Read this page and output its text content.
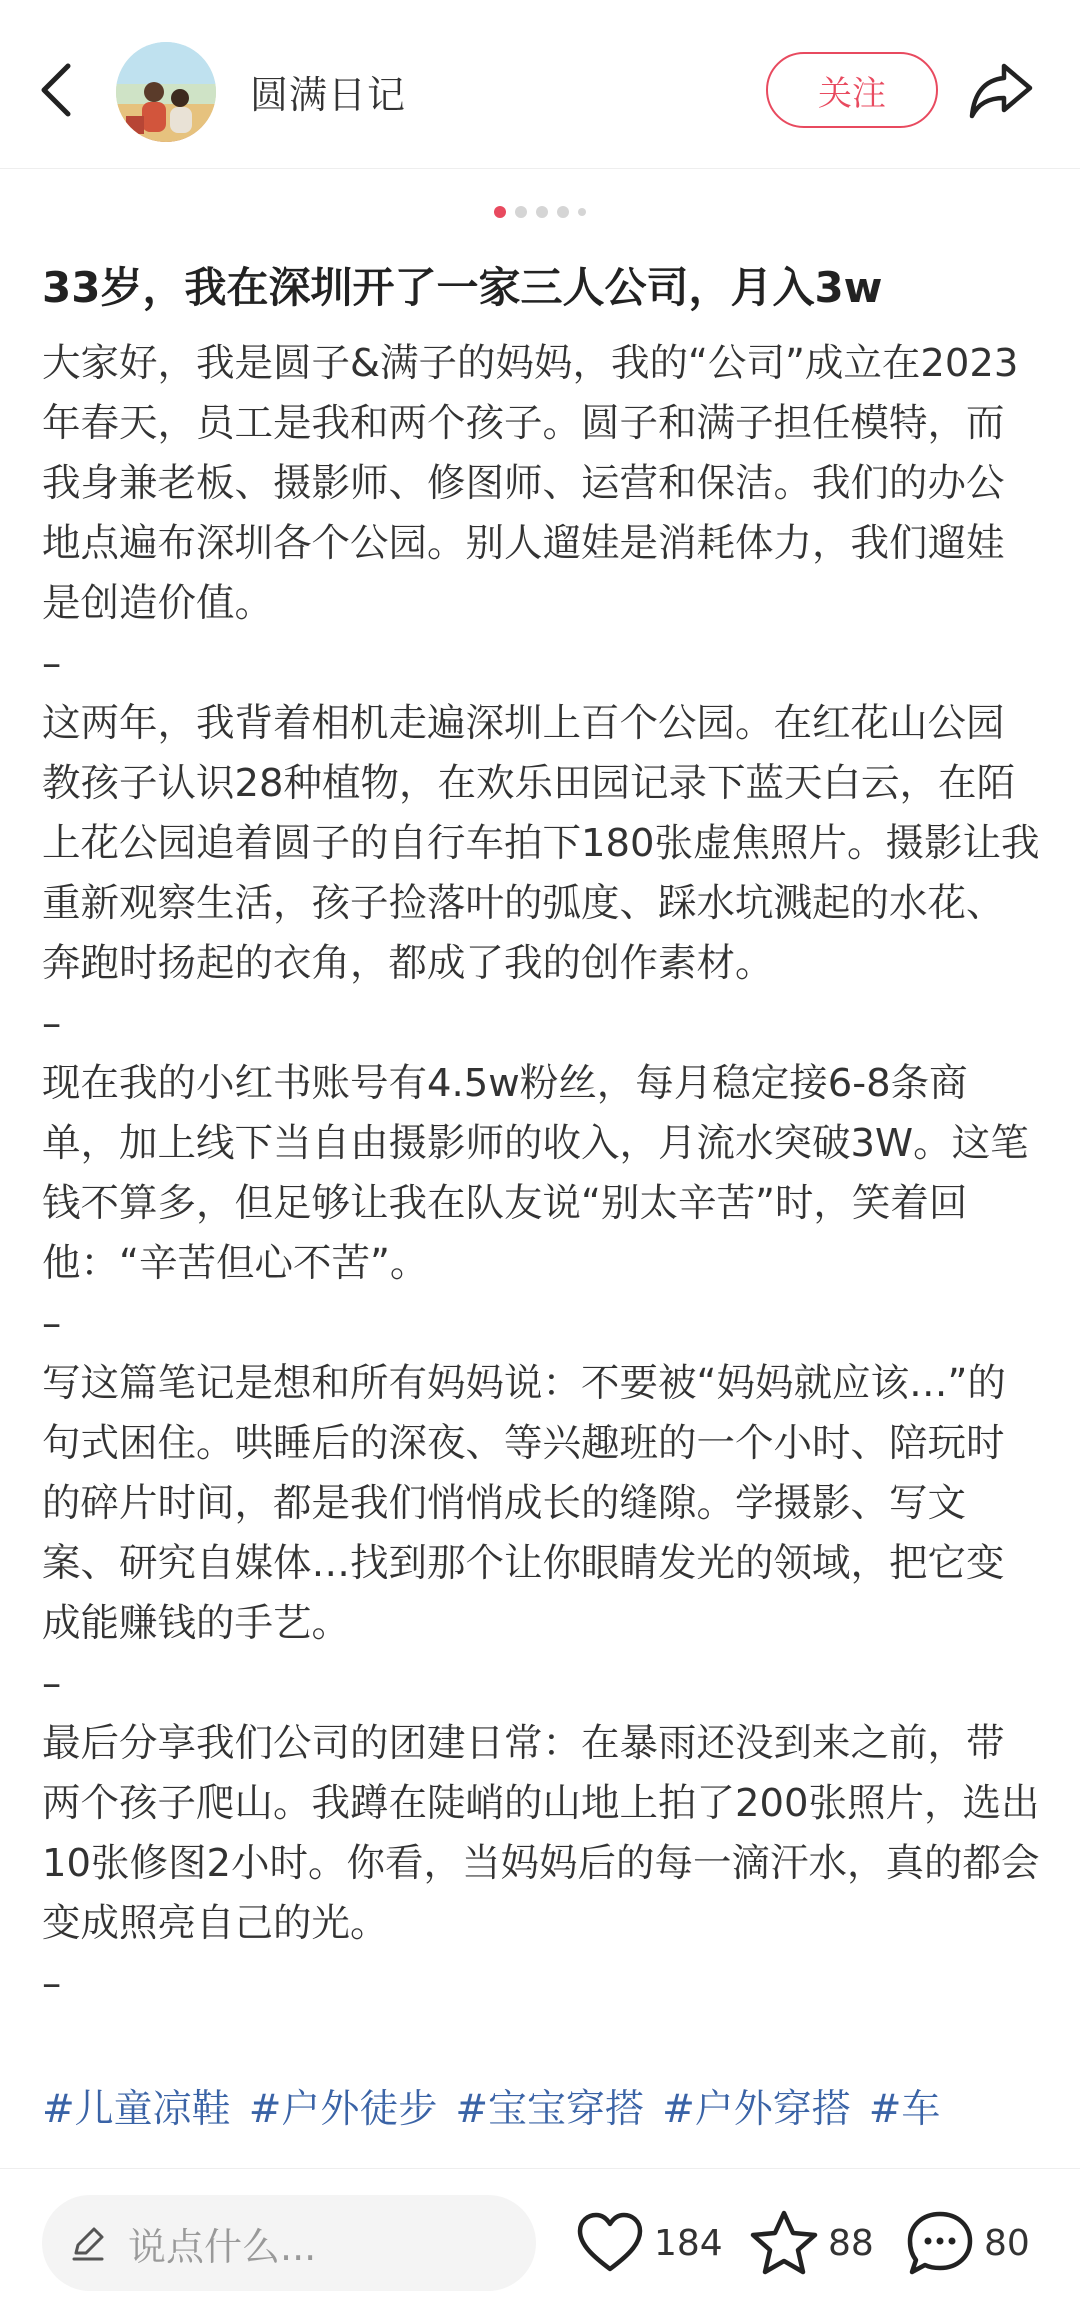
圆满日记	关注
33岁，我在深圳开了一家三人公司，月入3w

大家好，我是圆子&满子的妈妈，我的“公司”成立在2023年春天，员工是我和两个孩子。圆子和满子担任模特，而我身兼老板、摄影师、修图师、运营和保洁。我们的办公地点遍布深圳各个公园。别人遛娃是消耗体力，我们遛娃是创造价值。

–

这两年，我背着相机走遍深圳上百个公园。在红花山公园教孩子认识28种植物，在欢乐田园记录下蓝天白云，在陌上花公园追着圆子的自行车拍下180张虚焦照片。摄影让我重新观察生活，孩子捡落叶的弧度、踩水坑溅起的水花、奔跑时扬起的衣角，都成了我的创作素材。

–

现在我的小红书账号有4.5w粉丝，每月稳定接6-8条商单，加上线下当自由摄影师的收入，月流水突破3W。这笔钱不算多，但足够让我在队友说“别太辛苦”时，笑着回他：“辛苦但心不苦”。

–

写这篇笔记是想和所有妈妈说：不要被“妈妈就应该…”的句式困住。哄睡后的深夜、等兴趣班的一个小时、陪玩时的碎片时间，都是我们悄悄成长的缝隙。学摄影、写文案、研究自媒体…找到那个让你眼睛发光的领域，把它变成能赚钱的手艺。

–

最后分享我们公司的团建日常：在暴雨还没到来之前，带两个孩子爬山。我蹲在陡峭的山地上拍了200张照片，选出10张修图2小时。你看，当妈妈后的每一滴汗水，真的都会变成照亮自己的光。

–
#儿童凉鞋 #户外徒步 #宝宝穿搭 #户外穿搭 #车
说点什么...	184	88	80
